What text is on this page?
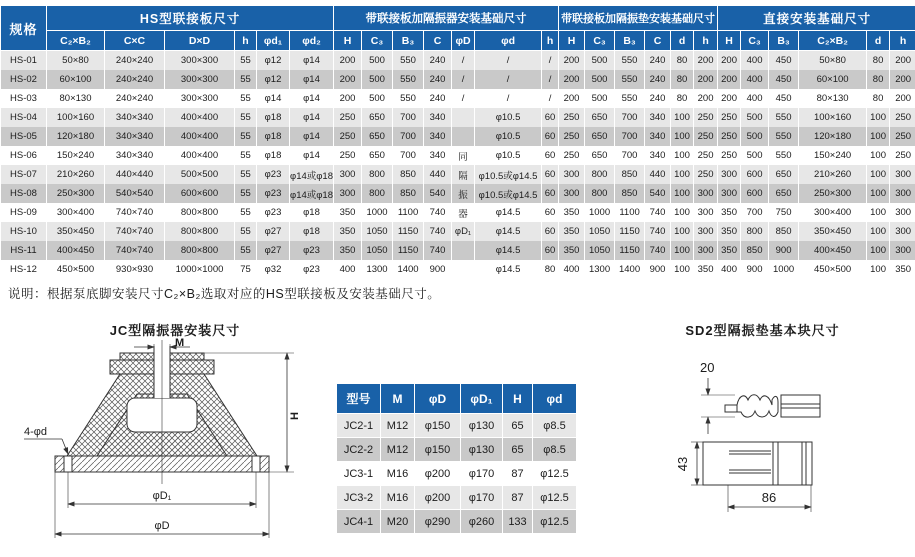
规格	HS型联接板尺寸						带联接板加隔振器安装基础尺寸							带联接板加隔振垫安装基础尺寸						直接安装基础尺寸					
	C₂×B₂	C×C	D×D	h	φd₁	φd₂	H	C₃	B₃	C	φD	φd	h	H	C₃	B₃	C	d	h	H	C₃	B₃	C₂×B₂	d	h
HS-01	50×80	240×240	300×300	55	φ12	φ14	200	500	550	240	/	/	/	200	500	550	240	80	200	200	400	450	50×80	80	200
HS-02	60×100	240×240	300×300	55	φ12	φ14	200	500	550	240	/	/	/	200	500	550	240	80	200	200	400	450	60×100	80	200
HS-03	80×130	240×240	300×300	55	φ14	φ14	200	500	550	240	/	/	/	200	500	550	240	80	200	200	400	450	80×130	80	200
HS-04	100×160	340×340	400×400	55	φ18	φ14	250	650	700	340		φ10.5	60	250	650	700	340	100	250	250	500	550	100×160	100	250
HS-05	120×180	340×340	400×400	55	φ18	φ14	250	650	700	340		φ10.5	60	250	650	700	340	100	250	250	500	550	120×180	100	250
HS-06	150×240	340×340	400×400	55	φ18	φ14	250	650	700	340	同	φ10.5	60	250	650	700	340	100	250	250	500	550	150×240	100	250
HS-07	210×260	440×440	500×500	55	φ23	φ14或φ18	300	800	850	440	隔	φ10.5或φ14.5	60	300	800	850	440	100	250	300	600	650	210×260	100	300
HS-08	250×300	540×540	600×600	55	φ23	φ14或φ18	300	800	850	540	振	φ10.5或φ14.5	60	300	800	850	540	100	300	300	600	650	250×300	100	300
HS-09	300×400	740×740	800×800	55	φ23	φ18	350	1000	1100	740	器	φ14.5	60	350	1000	1100	740	100	300	350	700	750	300×400	100	300
HS-10	350×450	740×740	800×800	55	φ27	φ18	350	1050	1150	740	φD₁	φ14.5	60	350	1050	1150	740	100	300	350	800	850	350×450	100	300
HS-11	400×450	740×740	800×800	55	φ27	φ23	350	1050	1150	740		φ14.5	60	350	1050	1150	740	100	300	350	850	900	400×450	100	300
HS-12	450×500	930×930	1000×1000	75	φ32	φ23	400	1300	1400	900		φ14.5	80	400	1300	1400	900	100	350	400	900	1000	450×500	100	350
说明：根据泵底脚安装尺寸C₂×B₂选取对应的HS型联接板及安装基础尺寸。
JC型隔振器安装尺寸	SD2型隔振垫基本块尺寸
M
H
4-φd
φD₁
φD
型号	M	φD	φD₁	H	φd
JC2-1	M12	φ150	φ130	65	φ8.5
JC2-2	M12	φ150	φ130	65	φ8.5
JC3-1	M16	φ200	φ170	87	φ12.5
JC3-2	M16	φ200	φ170	87	φ12.5
JC4-1	M20	φ290	φ260	133	φ12.5
20
43
86
